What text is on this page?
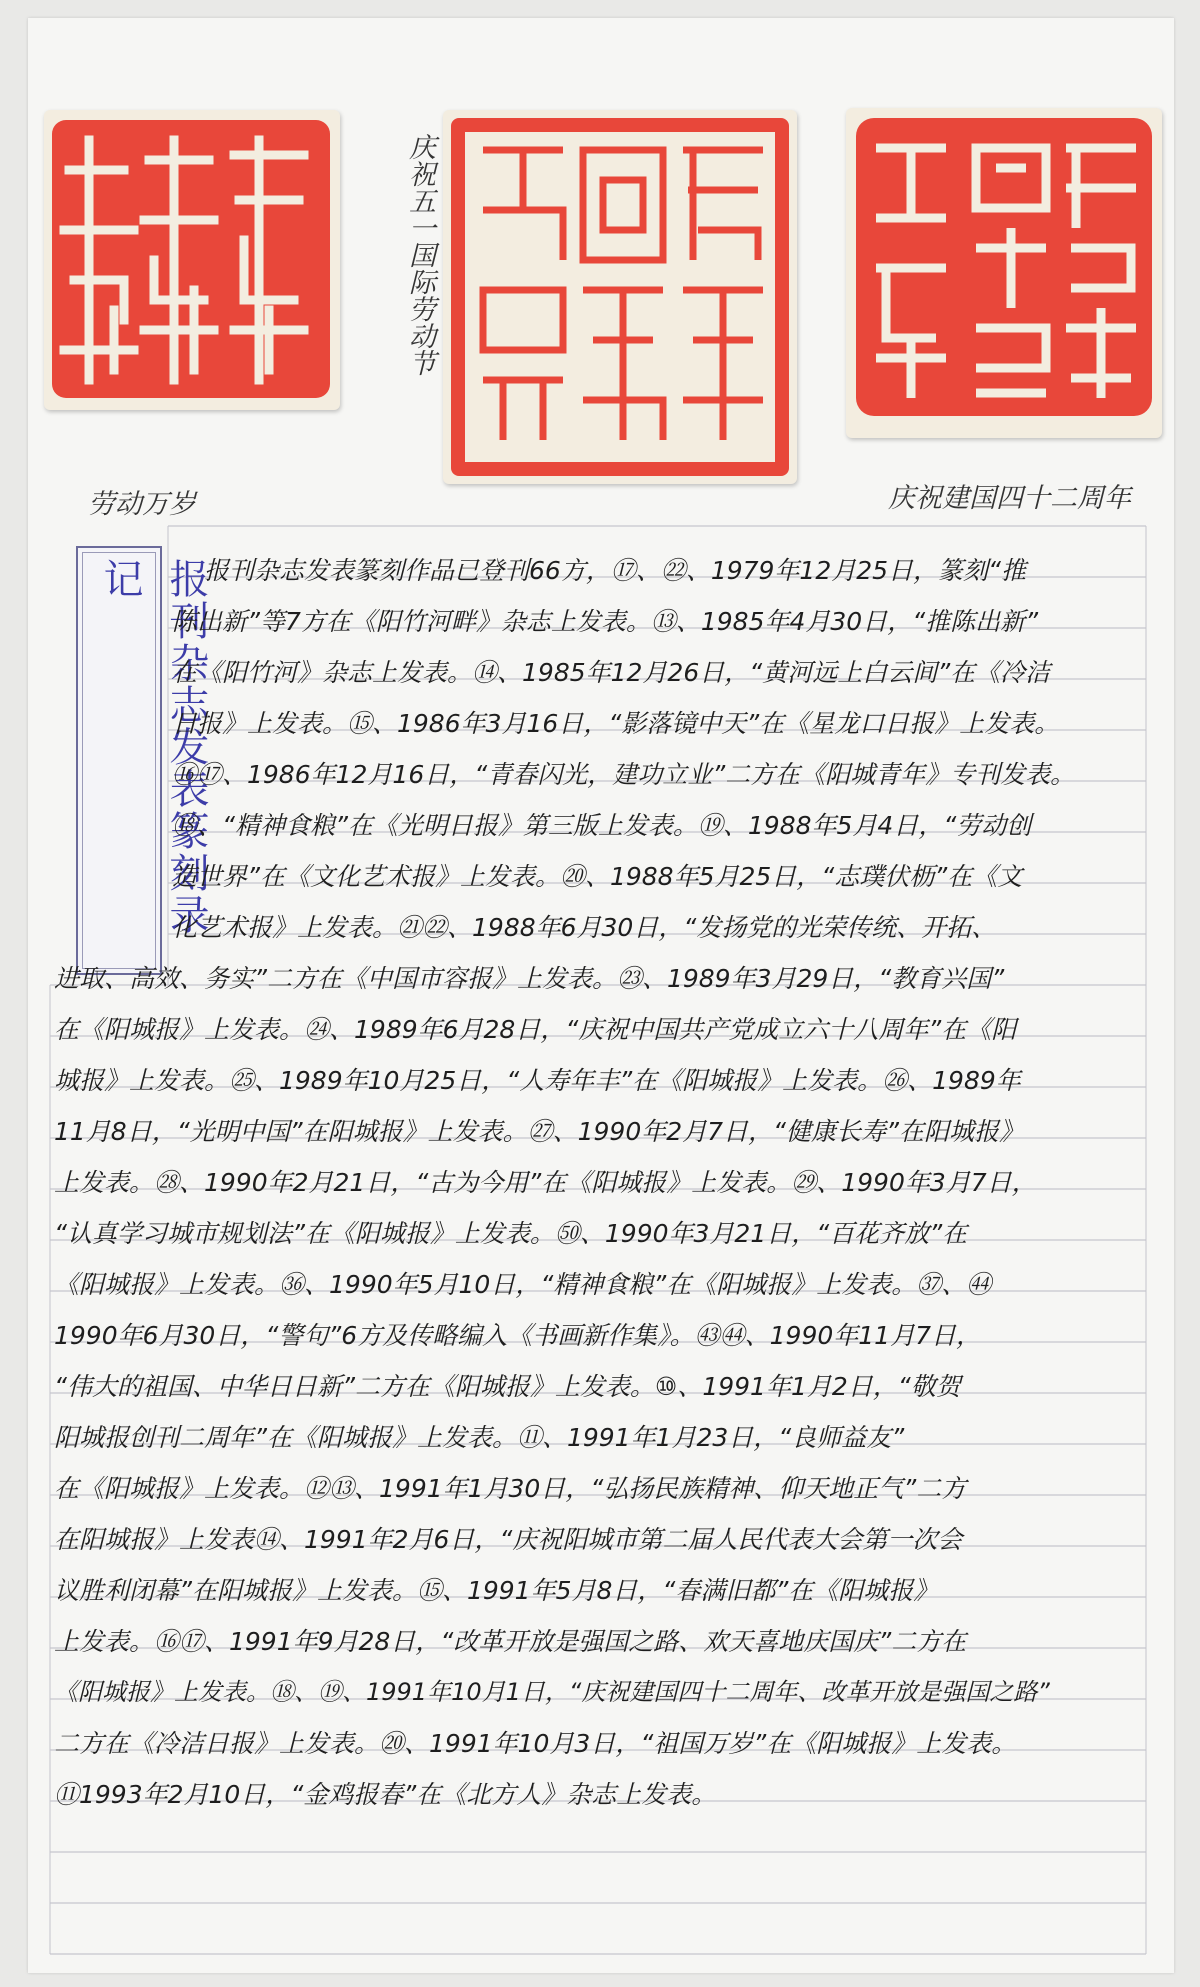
庆祝五一国际劳动节
劳动万岁	庆祝建国四十二周年
报刊杂志发表篆刻录记	报刊杂志发表篆刻作品已登刊66方，⑰、㉒、1979年12月25日，篆刻“推
陈出新”等7方在《阳竹河畔》杂志上发表。⑬、1985年4月30日，“推陈出新”
在《阳竹河》杂志上发表。⑭、1985年12月26日，“黄河远上白云间”在《冷洁
日报》上发表。⑮、1986年3月16日，“影落镜中天”在《星龙口日报》上发表。
⑯⑰、1986年12月16日，“青春闪光，建功立业”二方在《阳城青年》专刊发表。
⑱、“精神食粮”在《光明日报》第三版上发表。⑲、1988年5月4日，“劳动创
造世界”在《文化艺术报》上发表。⑳、1988年5月25日，“志璞伏枥”在《文
化艺术报》上发表。㉑㉒、1988年6月30日，“发扬党的光荣传统、开拓、
进取、高效、务实”二方在《中国市容报》上发表。㉓、1989年3月29日，“教育兴国”
在《阳城报》上发表。㉔、1989年6月28日，“庆祝中国共产党成立六十八周年”在《阳
城报》上发表。㉕、1989年10月25日，“人寿年丰”在《阳城报》上发表。㉖、1989年
11月8日，“光明中国”在阳城报》上发表。㉗、1990年2月7日，“健康长寿”在阳城报》
上发表。㉘、1990年2月21日，“古为今用”在《阳城报》上发表。㉙、1990年3月7日，
“认真学习城市规划法”在《阳城报》上发表。㊿、1990年3月21日，“百花齐放”在
《阳城报》上发表。㊱、1990年5月10日，“精神食粮”在《阳城报》上发表。㊲、㊹
1990年6月30日，“警句”6方及传略编入《书画新作集》。㊸㊹、1990年11月7日，
“伟大的祖国、中华日日新”二方在《阳城报》上发表。⑩、1991年1月2日，“敬贺
阳城报创刊二周年”在《阳城报》上发表。⑪、1991年1月23日，“良师益友”
在《阳城报》上发表。⑫⑬、1991年1月30日，“弘扬民族精神、仰天地正气”二方
在阳城报》上发表⑭、1991年2月6日，“庆祝阳城市第二届人民代表大会第一次会
议胜利闭幕”在阳城报》上发表。⑮、1991年5月8日，“春满旧都”在《阳城报》
上发表。⑯⑰、1991年9月28日，“改革开放是强国之路、欢天喜地庆国庆”二方在
《阳城报》上发表。⑱、⑲、1991年10月1日，“庆祝建国四十二周年、改革开放是强国之路”
二方在《冷洁日报》上发表。⑳、1991年10月3日，“祖国万岁”在《阳城报》上发表。
⑪1993年2月10日，“金鸡报春”在《北方人》杂志上发表。
